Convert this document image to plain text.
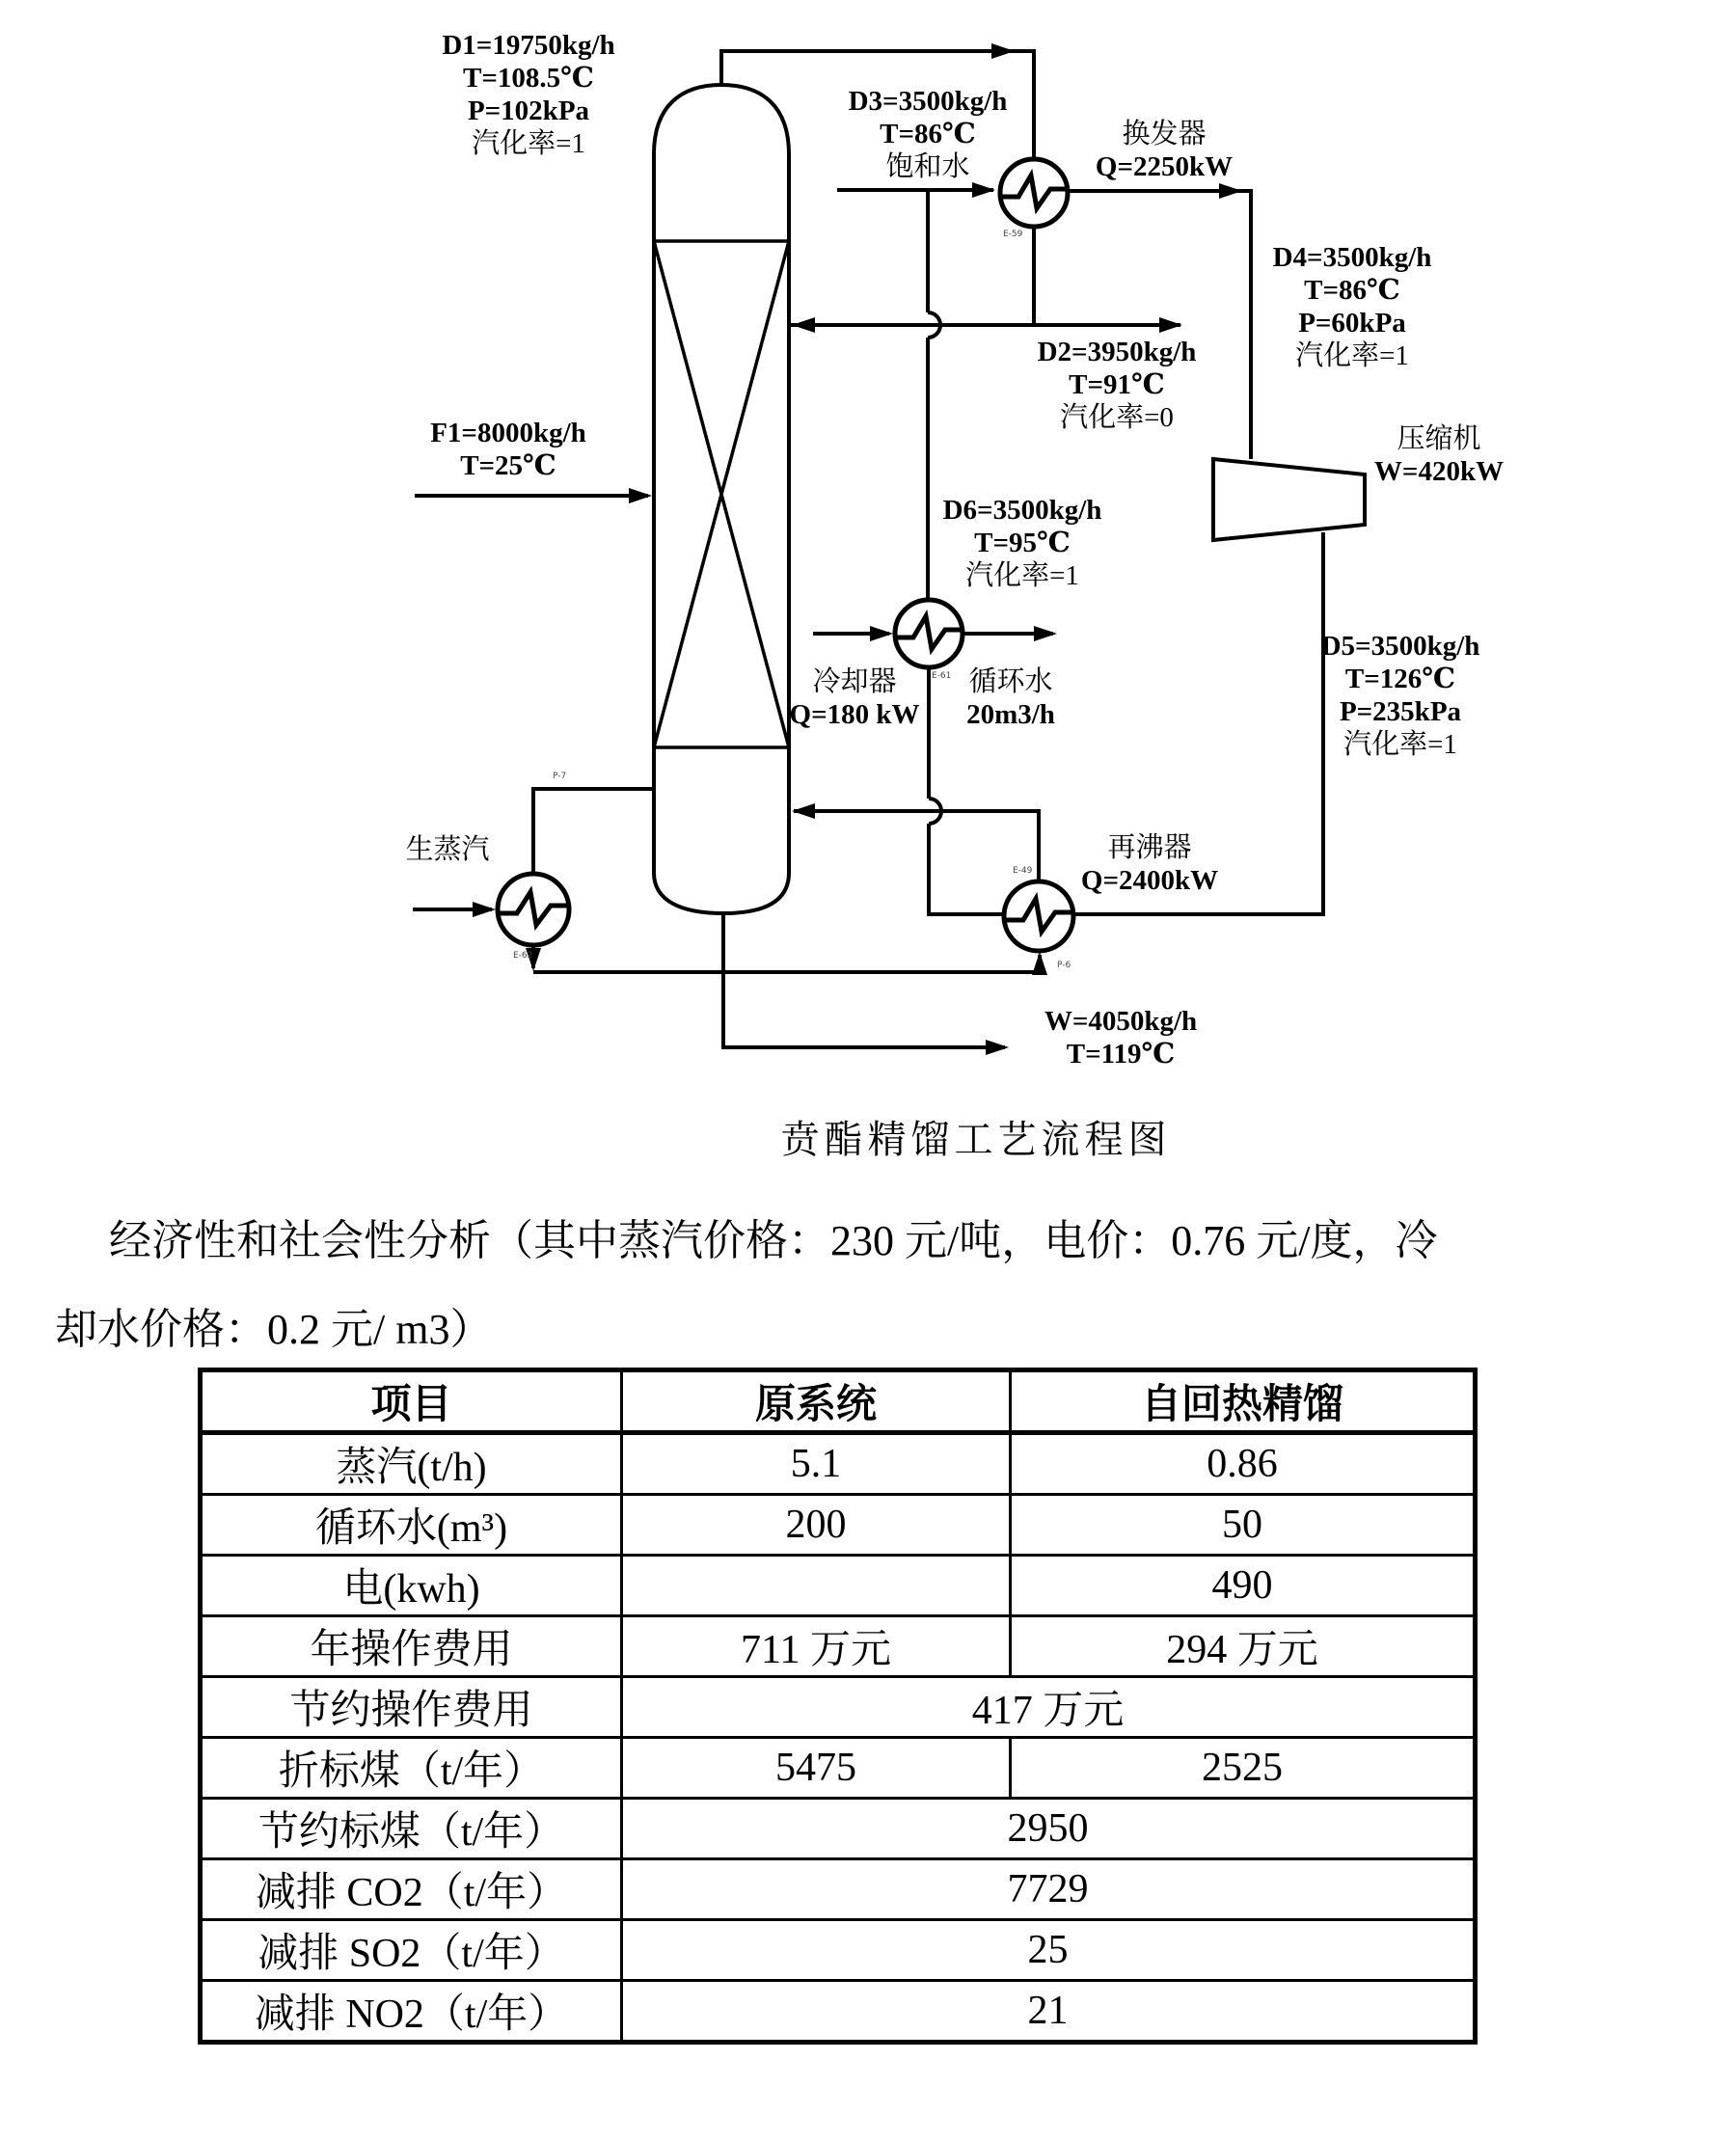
D1=19750kg/h
T=108.5℃
P=102kPa
汽化率=1
D3=3500kg/h
T=86℃
饱和水
换发器
Q=2250kW
D4=3500kg/h
T=86℃
P=60kPa
汽化率=1
D2=3950kg/h
T=91℃
汽化率=0
F1=8000kg/h
T=25℃
压缩机
W=420kW
D6=3500kg/h
T=95℃
汽化率=1
冷却器
Q=180 kW
循环水
20m3/h
D5=3500kg/h
T=126℃
P=235kPa
汽化率=1
再沸器
Q=2400kW
生蒸汽
W=4050kg/h
T=119℃
E-59
P-7
E-61
E-49
E-62
P-6
贲酯精馏工艺流程图
经济性和社会性分析（其中蒸汽价格：230 元/吨，电价：0.76 元/度，冷
却水价格：0.2 元/ m3）
项目	原系统	自回热精馏
蒸汽(t/h)	5.1	0.86
循环水(m³)	200	50
电(kwh)		490
年操作费用	711 万元	294 万元
节约操作费用	417 万元	
折标煤（t/年）	5475	2525
节约标煤（t/年）	2950	
减排 CO2（t/年）	7729	
减排 SO2（t/年）	25	
减排 NO2（t/年）	21	
